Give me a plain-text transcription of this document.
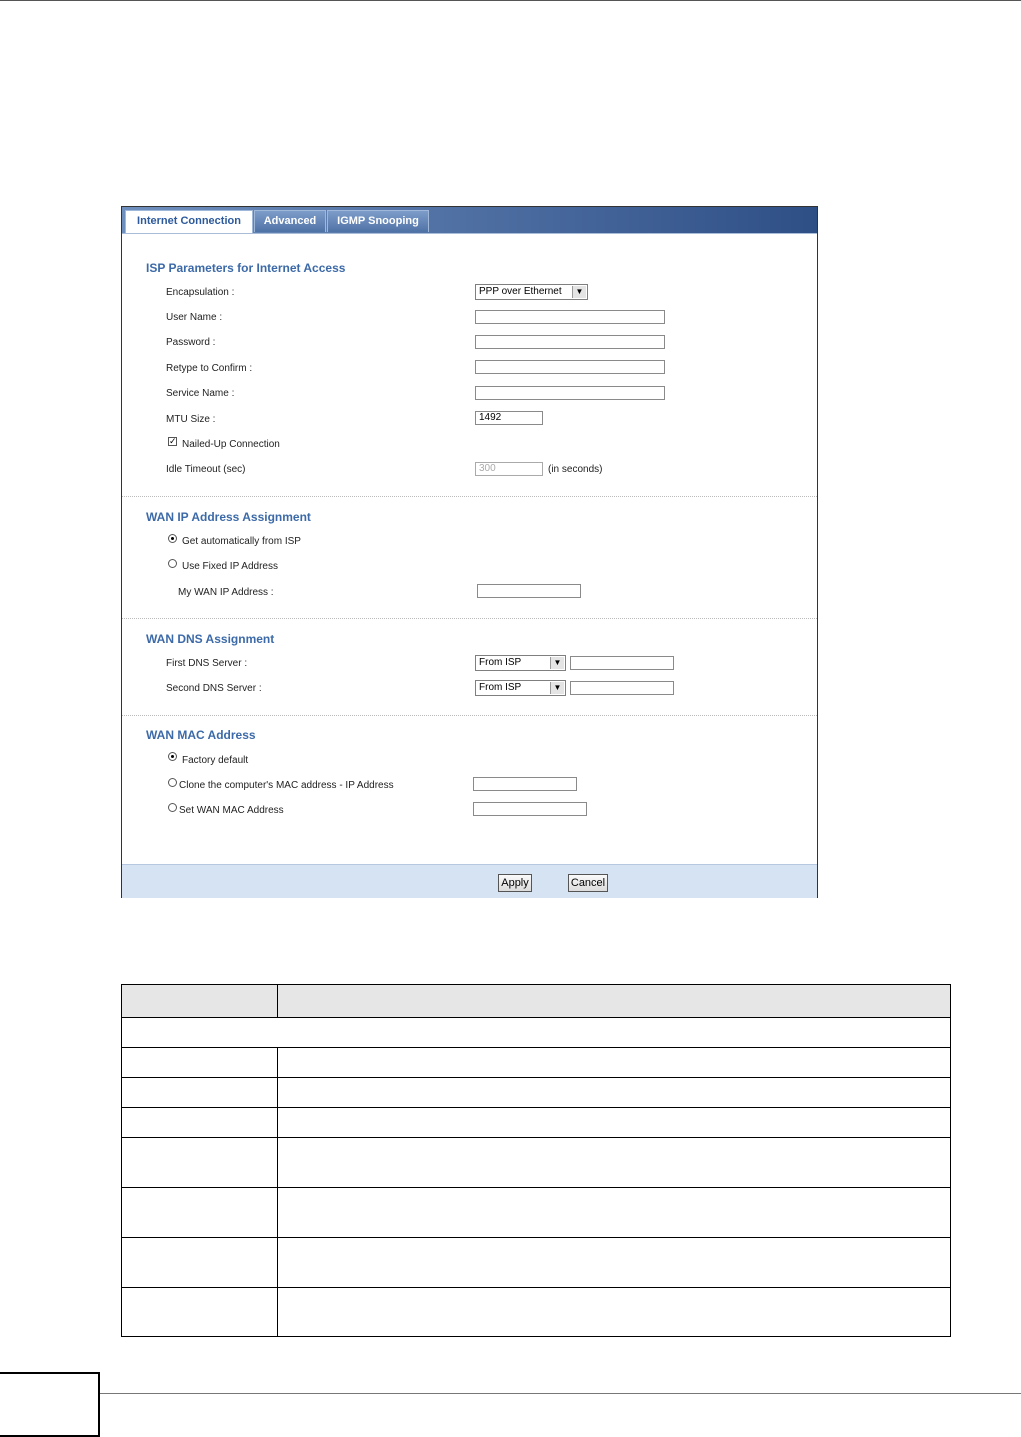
Internet Connection	Advanced	IGMP Snooping
ISP Parameters for Internet Access
Encapsulation :	PPP over Ethernet	▼
User Name :
Password :
Retype to Confirm :
Service Name :
MTU Size :	1492
✓ Nailed-Up Connection
Idle Timeout (sec)	300	(in seconds)
WAN IP Address Assignment
Get automatically from ISP
Use Fixed IP Address
My WAN IP Address :
WAN DNS Assignment
First DNS Server :	From ISP	▼
Second DNS Server :	From ISP	▼
WAN MAC Address
Factory default
Clone the computer's MAC address - IP Address
Set WAN MAC Address
Apply	Cancel
